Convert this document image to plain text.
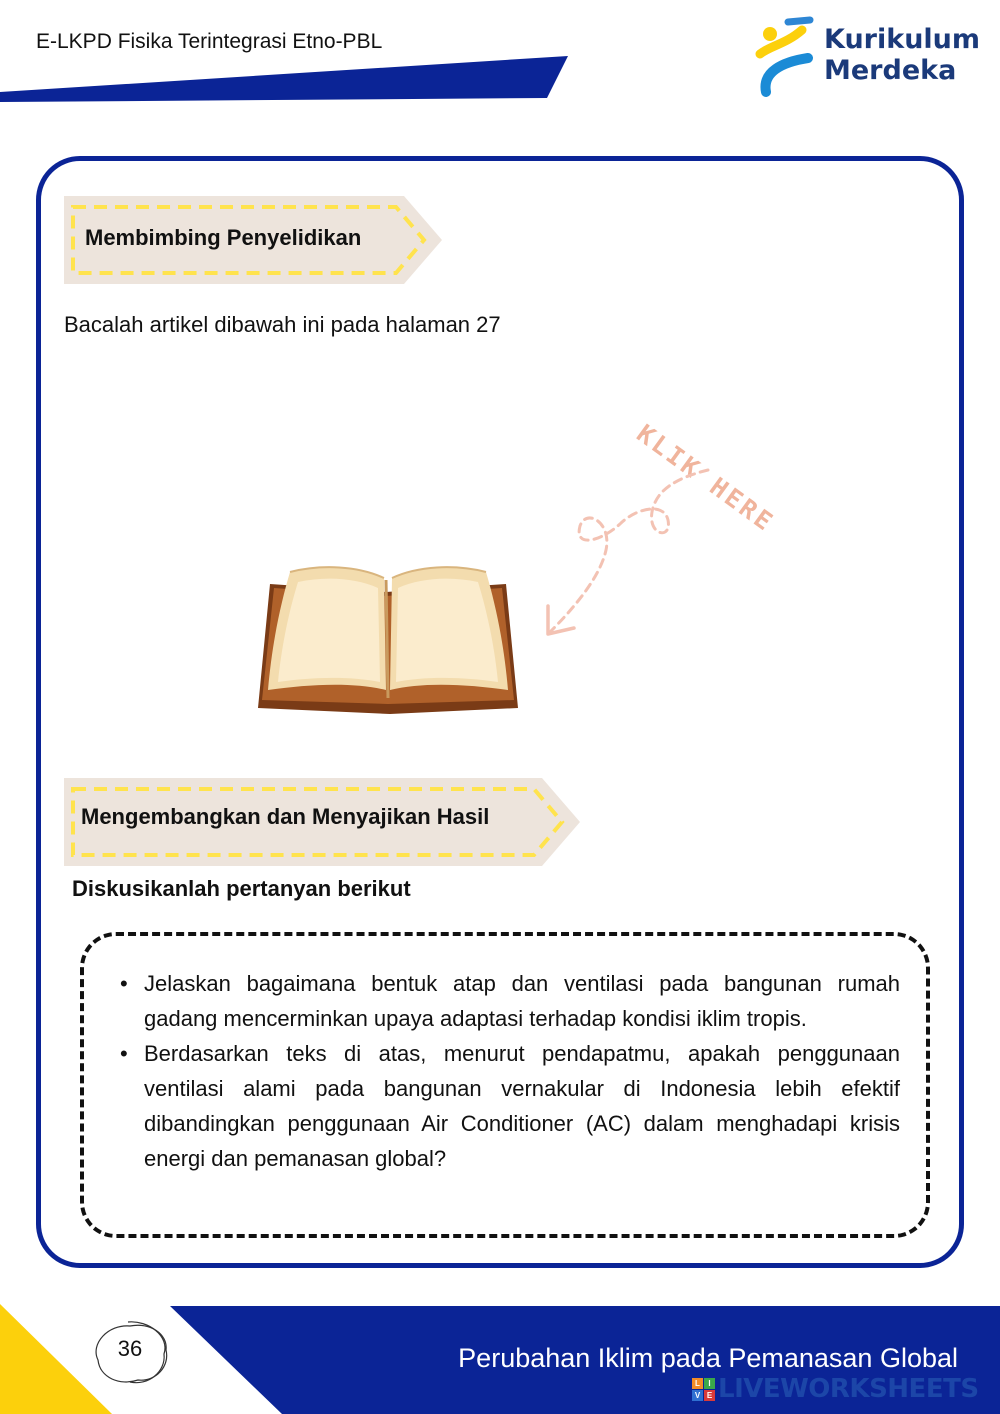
E-LKPD Fisika Terintegrasi Etno-PBL	Kurikulum
Merdeka
Membimbing Penyelidikan
Bacalah artikel dibawah ini pada halaman 27
KLIK HERE
Mengembangkan dan Menyajikan Hasil
Diskusikanlah pertanyan berikut
• Jelaskan bagaimana bentuk atap dan ventilasi pada bangunan rumah gadang mencerminkan upaya adaptasi terhadap kondisi iklim tropis.
• Berdasarkan teks di atas, menurut pendapatmu, apakah penggunaan ventilasi alami pada bangunan vernakular di Indonesia lebih efektif dibandingkan penggunaan Air Conditioner (AC) dalam menghadapi krisis energi dan pemanasan global?
36	Perubahan Iklim pada Pemanasan Global
L	I
V E LIVEWORKSHEETS
